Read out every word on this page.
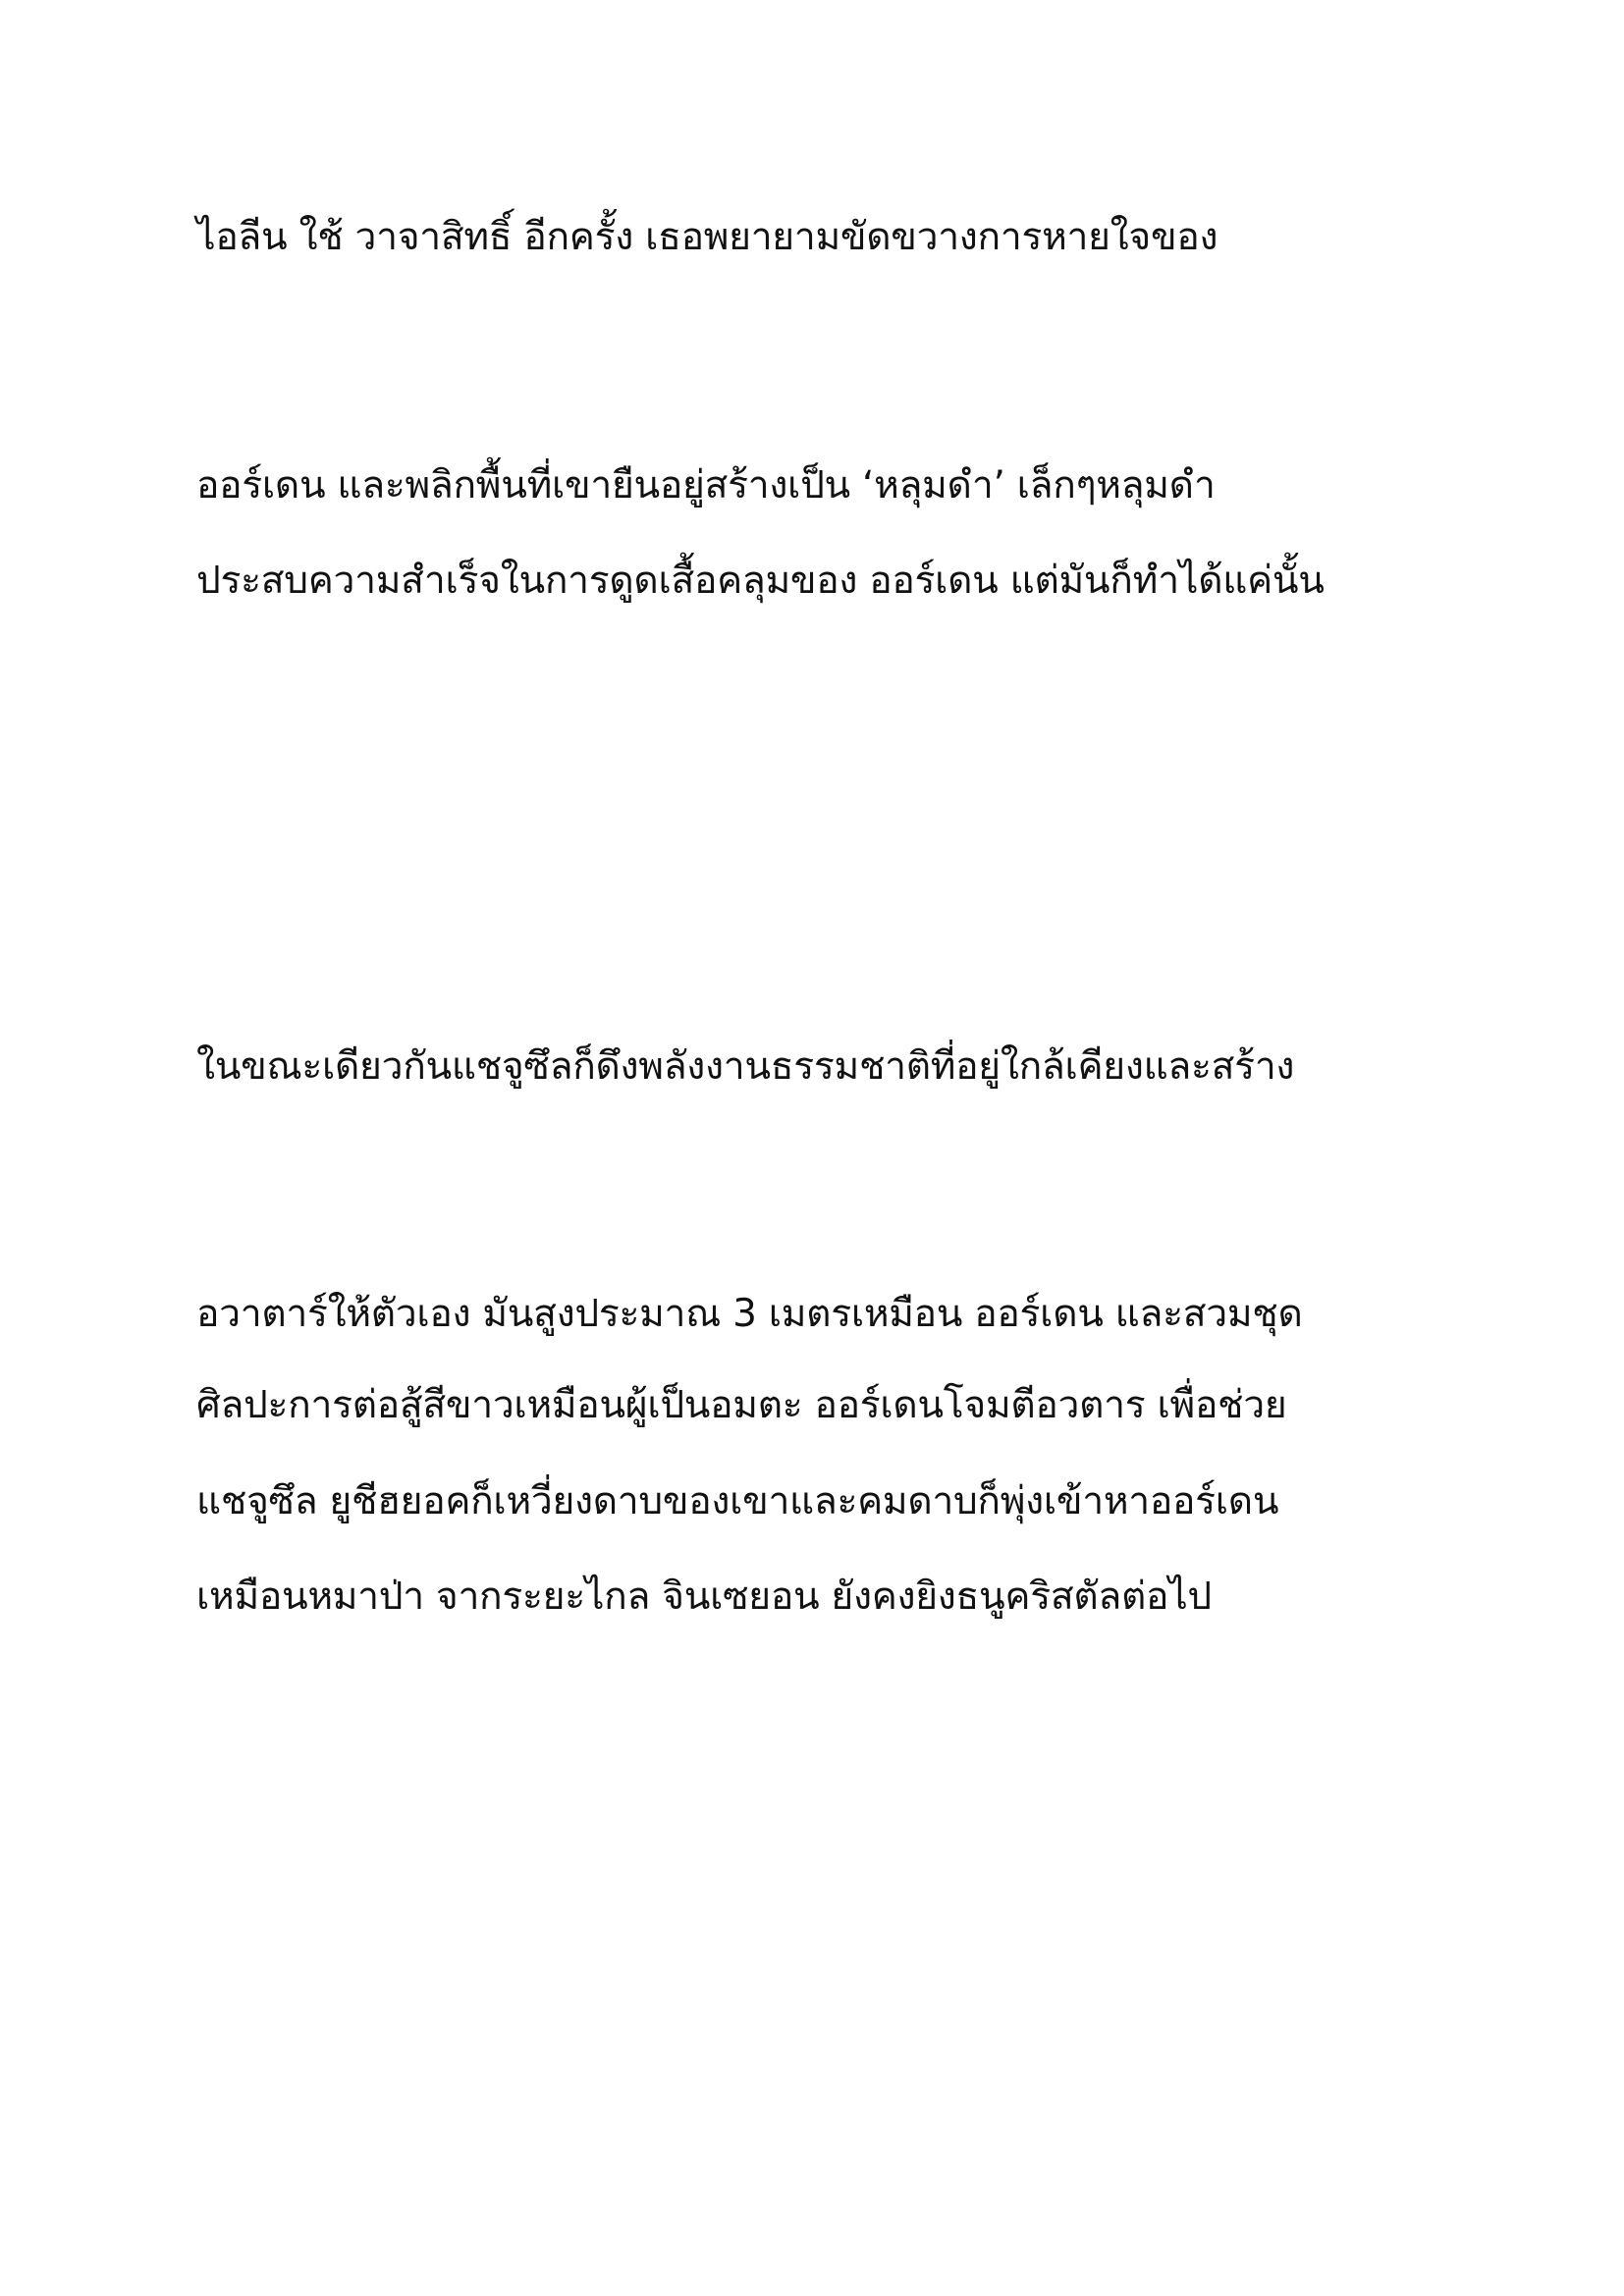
ไอลีน ใช้ วาจาสิทธิ์ อีกครั้ง เธอพยายามขัดขวางการหายใจของ
ออร์เดน และพลิกพื้นที่เขายืนอยู่สร้างเป็น ‘หลุมดำ’ เล็กๆหลุมดำ
ประสบความสำเร็จในการดูดเสื้อคลุมของ ออร์เดน แต่มันก็ทำได้แค่นั้น
ในขณะเดียวกันแชจูซึลก็ดึงพลังงานธรรมชาติที่อยู่ใกล้เคียงและสร้าง
อวาตาร์ให้ตัวเอง มันสูงประมาณ 3 เมตรเหมือน ออร์เดน และสวมชุด
ศิลปะการต่อสู้สีขาวเหมือนผู้เป็นอมตะ ออร์เดนโจมตีอวตาร เพื่อช่วย
แชจูซึล ยูชีฮยอคก็เหวี่ยงดาบของเขาและคมดาบก็พุ่งเข้าหาออร์เดน
เหมือนหมาป่า จากระยะไกล จินเซยอน ยังคงยิงธนูคริสตัลต่อไป
